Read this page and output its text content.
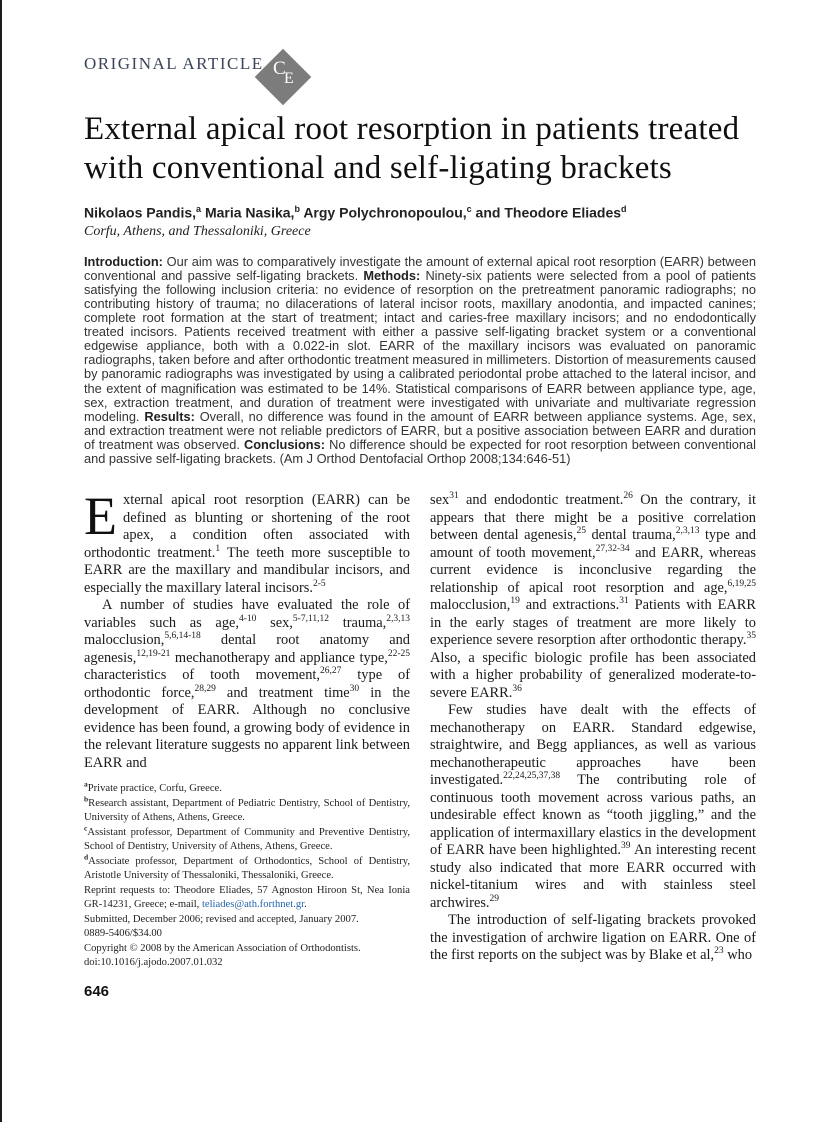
ORIGINAL ARTICLE C
E
External apical root resorption in patients treated with conventional and self-ligating brackets
Nikolaos Pandis,$^a$ Maria Nasika,$^b$ Argy Polychronopoulou,$^c$ and Theodore Eliades$^d$
Corfu, Athens, and Thessaloniki, Greece
Introduction: Our aim was to comparatively investigate the amount of external apical root resorption (EARR) between conventional and passive self-ligating brackets. Methods: Ninety-six patients were selected from a pool of patients satisfying the following inclusion criteria: no evidence of resorption on the pretreatment panoramic radiographs; no contributing history of trauma; no dilacerations of lateral incisor roots, maxillary anodontia, and impacted canines; complete root formation at the start of treatment; intact and caries-free maxillary incisors; and no endodontically treated incisors. Patients received treatment with either a passive self-ligating bracket system or a conventional edgewise appliance, both with a 0.022-in slot. EARR of the maxillary incisors was evaluated on panoramic radiographs, taken before and after orthodontic treatment measured in millimeters. Distortion of measurements caused by panoramic radiographs was investigated by using a calibrated periodontal probe attached to the lateral incisor, and the extent of magnification was estimated to be 14%. Statistical comparisons of EARR between appliance type, age, sex, extraction treatment, and duration of treatment were investigated with univariate and multivariate regression modeling. Results: Overall, no difference was found in the amount of EARR between appliance systems. Age, sex, and extraction treatment were not reliable predictors of EARR, but a positive association between EARR and duration of treatment was observed. Conclusions: No difference should be expected for root resorption between conventional and passive self-ligating brackets. (Am J Orthod Dentofacial Orthop 2008;134:646-51)

External apical root resorption (EARR) can be defined as blunting or shortening of the root apex, a condition often associated with orthodontic treatment.$^1$ The teeth more susceptible to EARR are the maxillary and mandibular incisors, and especially the maxillary lateral incisors.$^{2-5}$

A number of studies have evaluated the role of variables such as age,$^{4-10}$ sex,$^{5-7,11,12}$ trauma,$^{2,3,13}$ malocclusion,$^{5,6,14-18}$ dental root anatomy and agenesis,$^{12,19-21}$ mechanotherapy and appliance type,$^{22-25}$ characteristics of tooth movement,$^{26,27}$ type of orthodontic force,$^{28,29}$ and treatment time$^{30}$ in the development of EARR. Although no conclusive evidence has been found, a growing body of evidence in the relevant literature suggests no apparent link between EARR and

$^a$Private practice, Corfu, Greece.

$^b$Research assistant, Department of Pediatric Dentistry, School of Dentistry, University of Athens, Athens, Greece.

$^c$Assistant professor, Department of Community and Preventive Dentistry, School of Dentistry, University of Athens, Athens, Greece.

$^d$Associate professor, Department of Orthodontics, School of Dentistry, Aristotle University of Thessaloniki, Thessaloniki, Greece.

Reprint requests to: Theodore Eliades, 57 Agnoston Hiroon St, Nea Ionia GR-14231, Greece; e-mail, teliades@ath.forthnet.gr.

Submitted, December 2006; revised and accepted, January 2007.

0889-5406/$34.00

Copyright © 2008 by the American Association of Orthodontists.

doi:10.1016/j.ajodo.2007.01.032

646

sex$^{31}$ and endodontic treatment.$^{26}$ On the contrary, it appears that there might be a positive correlation between dental agenesis,$^{25}$ dental trauma,$^{2,3,13}$ type and amount of tooth movement,$^{27,32-34}$ and EARR, whereas current evidence is inconclusive regarding the relationship of apical root resorption and age,$^{6,19,25}$ malocclusion,$^{19}$ and extractions.$^{31}$ Patients with EARR in the early stages of treatment are more likely to experience severe resorption after orthodontic therapy.$^{35}$ Also, a specific biologic profile has been associated with a higher probability of generalized moderate-to-severe EARR.$^{36}$

Few studies have dealt with the effects of mechanotherapy on EARR. Standard edgewise, straightwire, and Begg appliances, as well as various mechanotherapeutic approaches have been investigated.$^{22,24,25,37,38}$ The contributing role of continuous tooth movement across various paths, an undesirable effect known as “tooth jiggling,” and the application of intermaxillary elastics in the development of EARR have been highlighted.$^{39}$ An interesting recent study also indicated that more EARR occurred with nickel-titanium wires and with stainless steel archwires.$^{29}$

The introduction of self-ligating brackets provoked the investigation of archwire ligation on EARR. One of the first reports on the subject was by Blake et al,$^{23}$ who
